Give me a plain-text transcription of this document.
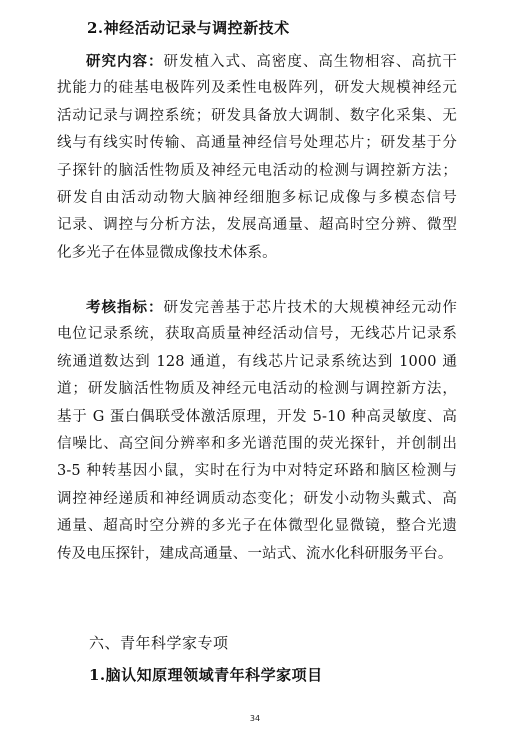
2.神经活动记录与调控新技术
研究内容：研发植入式、高密度、高生物相容、高抗干
扰能力的硅基电极阵列及柔性电极阵列，研发大规模神经元
活动记录与调控系统；研发具备放大调制、数字化采集、无
线与有线实时传输、高通量神经信号处理芯片；研发基于分
子探针的脑活性物质及神经元电活动的检测与调控新方法；
研发自由活动动物大脑神经细胞多标记成像与多模态信号
记录、调控与分析方法，发展高通量、超高时空分辨、微型
化多光子在体显微成像技术体系。
考核指标：研发完善基于芯片技术的大规模神经元动作
电位记录系统，获取高质量神经活动信号，无线芯片记录系
统通道数达到 128 通道，有线芯片记录系统达到 1000 通
道；研发脑活性物质及神经元电活动的检测与调控新方法，
基于 G 蛋白偶联受体激活原理，开发 5-10 种高灵敏度、高
信噪比、高空间分辨率和多光谱范围的荧光探针，并创制出
3-5 种转基因小鼠，实时在行为中对特定环路和脑区检测与
调控神经递质和神经调质动态变化；研发小动物头戴式、高
通量、超高时空分辨的多光子在体微型化显微镜，整合光遗
传及电压探针，建成高通量、一站式、流水化科研服务平台。
六、青年科学家专项
1.脑认知原理领域青年科学家项目
34
